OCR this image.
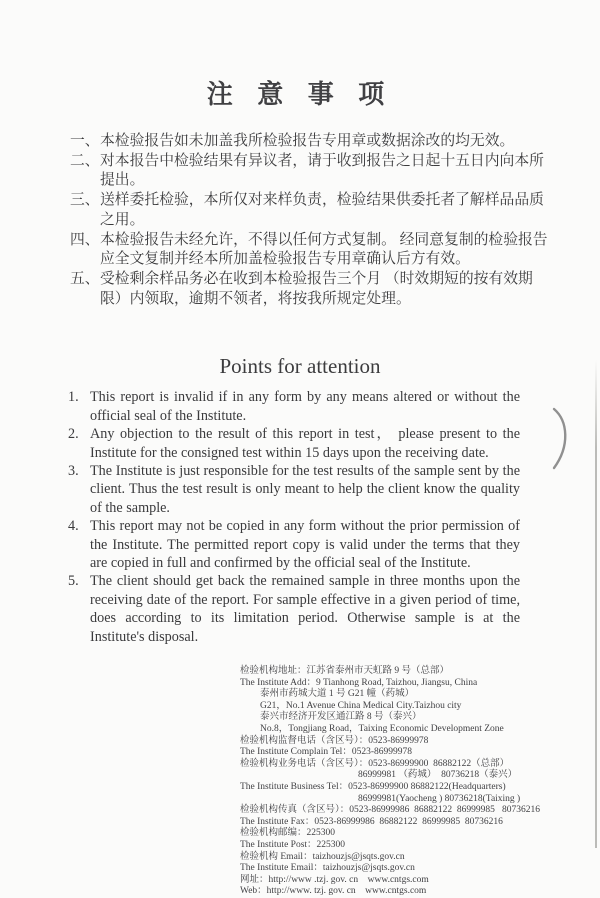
注 意 事 项
一、 本检验报告如未加盖我所检验报告专用章或数据涂改的均无效。
二、 对本报告中检验结果有异议者，请于收到报告之日起十五日内向本所提出。
三、 送样委托检验，本所仅对来样负责，检验结果供委托者了解样品品质之用。
四、 本检验报告未经允许，不得以任何方式复制。 经同意复制的检验报告应全文复制并经本所加盖检验报告专用章确认后方有效。
五、 受检剩余样品务必在收到本检验报告三个月 （时效期短的按有效期限）内领取，逾期不领者，将按我所规定处理。
Points for attention
1. This report is invalid if in any form by any means altered or without the official seal of the Institute.
2. Any objection to the result of this report in test， please present to the Institute for the consigned test within 15 days upon the receiving date.
3. The Institute is just responsible for the test results of the sample sent by the client. Thus the test result is only meant to help the client know the quality of the sample.
4. This report may not be copied in any form without the prior permission of the Institute. The permitted report copy is valid under the terms that they are copied in full and confirmed by the official seal of the Institute.
5. The client should get back the remained sample in three months upon the receiving date of the report. For sample effective in a given period of time, does according to its limitation period. Otherwise sample is at the Institute's disposal.
检验机构地址：江苏省泰州市天虹路 9 号（总部）
The Institute Add：9 Tianhong Road, Taizhou, Jiangsu, China
泰州市药城大道 1 号 G21 幢（药城）
G21，No.1 Avenue China Medical City.Taizhou city
泰兴市经济开发区通江路 8 号（泰兴）
No.8，Tongjiang Road，Taixing Economic Development Zone
检验机构监督电话（含区号）：0523-86999978
The Institute Complain Tel：0523-86999978
检验机构业务电话（含区号）：0523-86999900  86882122（总部）
86999981 （药城）  80736218（泰兴）
The Institute Business Tel：0523-86999900 86882122(Headquarters)
86999981(Yaocheng ) 80736218(Taixing )
检验机构传真（含区号）：0523-86999986  86882122  86999985   80736216
The Institute Fax：0523-86999986  86882122  86999985  80736216
检验机构邮编：225300
The Institute Post：225300
检验机构 Email：taizhouzjs@jsqts.gov.cn
The Institute Email：taizhouzjs@jsqts.gov.cn
网址：http://www .tzj. gov. cn    www.cntgs.com
Web：http://www. tzj. gov. cn    www.cntgs.com
